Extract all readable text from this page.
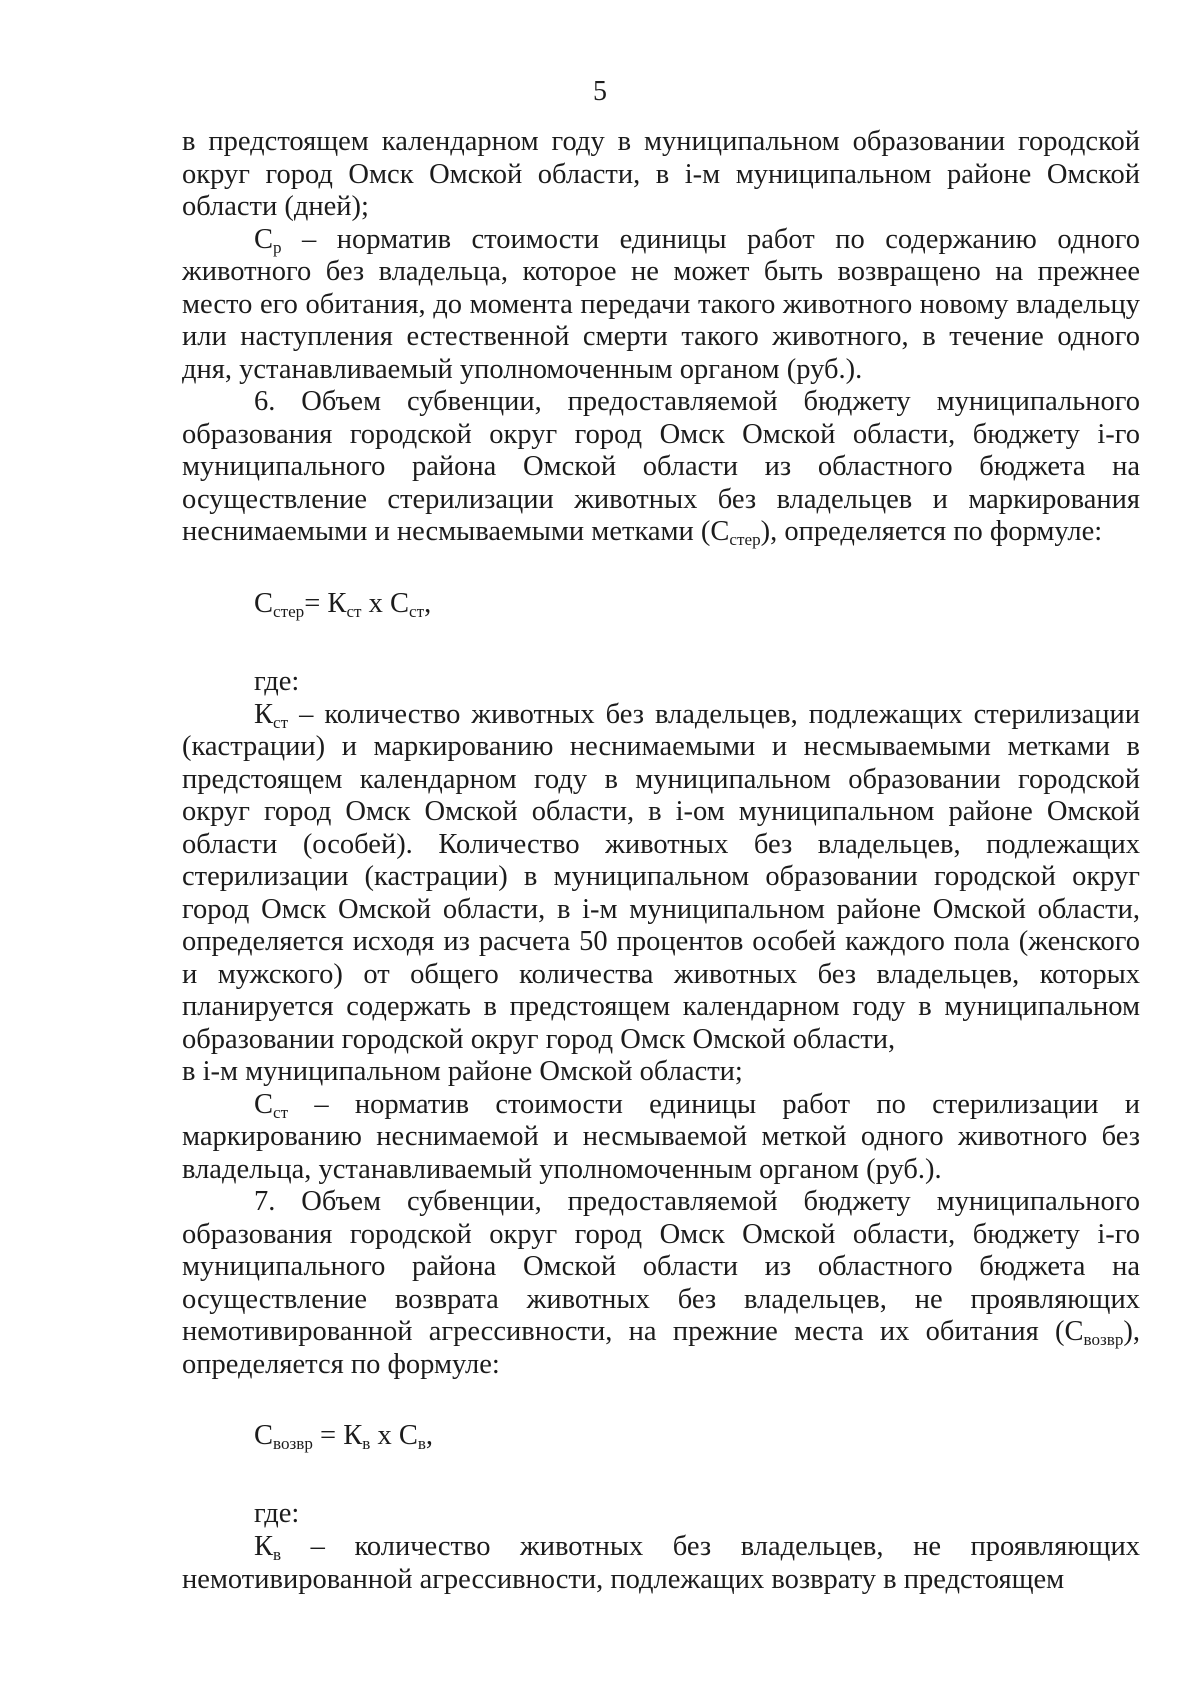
5

в предстоящем календарном году в муниципальном образовании городской округ город Омск Омской области, в i-м муниципальном районе Омской области (дней);

$С_р$ – норматив стоимости единицы работ по содержанию одного животного без владельца, которое не может быть возвращено на прежнее место его обитания, до момента передачи такого животного новому владельцу или наступления естественной смерти такого животного, в течение одного дня, устанавливаемый уполномоченным органом (руб.).

6. Объем субвенции, предоставляемой бюджету муниципального образования городской округ город Омск Омской области, бюджету i-го муниципального района Омской области из областного бюджета на осуществление стерилизации животных без владельцев и маркирования неснимаемыми и несмываемыми метками $(С_{стер})$, определяется по формуле:

$С_{стер}= К_{ст}$ х $С_{ст}$,

где:

$К_{ст}$ – количество животных без владельцев, подлежащих стерилизации (кастрации) и маркированию неснимаемыми и несмываемыми метками в предстоящем календарном году в муниципальном образовании городской округ город Омск Омской области, в i-ом муниципальном районе Омской области (особей). Количество животных без владельцев, подлежащих стерилизации (кастрации) в муниципальном образовании городской округ город Омск Омской области, в i-м муниципальном районе Омской области, определяется исходя из расчета 50 процентов особей каждого пола (женского и мужского) от общего количества животных без владельцев, которых планируется содержать в предстоящем календарном году в муниципальном образовании городской округ город Омск Омской области,

в i-м муниципальном районе Омской области;

$С_{ст}$ – норматив стоимости единицы работ по стерилизации и маркированию неснимаемой и несмываемой меткой одного животного без владельца, устанавливаемый уполномоченным органом (руб.).

7. Объем субвенции, предоставляемой бюджету муниципального образования городской округ город Омск Омской области, бюджету i-го муниципального района Омской области из областного бюджета на осуществление возврата животных без владельцев, не проявляющих немотивированной агрессивности, на прежние места их обитания $(С_{возвр})$, определяется по формуле:

$С_{возвр} = К_в$ х $С_в$,

где:

$К_в$ – количество животных без владельцев, не проявляющих немотивированной агрессивности, подлежащих возврату в предстоящем
